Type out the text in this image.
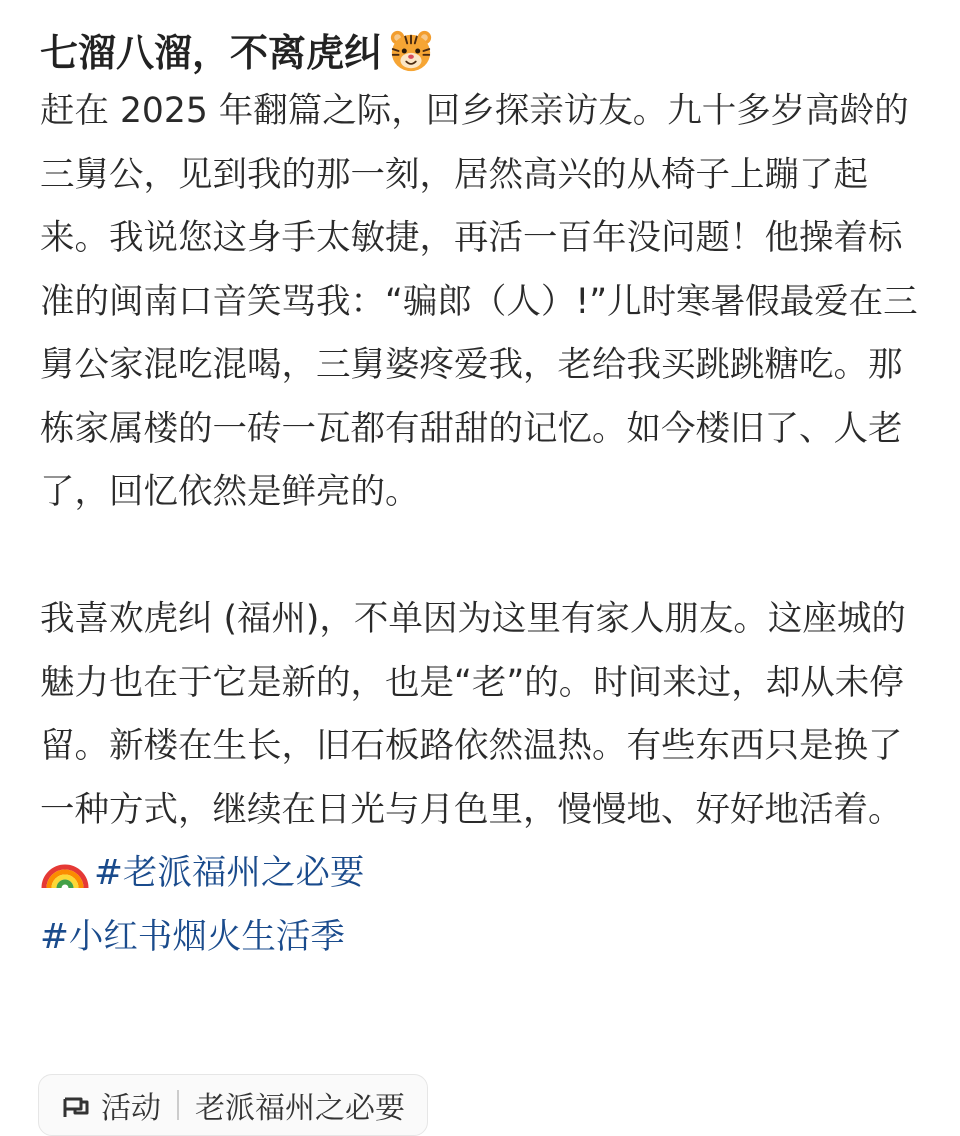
七溜八溜，不离虎纠

赶在 2025 年翻篇之际，回乡探亲访友。九十多岁高龄的三舅公，见到我的那一刻，居然高兴的从椅子上蹦了起来。我说您这身手太敏捷，再活一百年没问题！他操着标准的闽南口音笑骂我：“骗郎（人）!”儿时寒暑假最爱在三舅公家混吃混喝，三舅婆疼爱我，老给我买跳跳糖吃。那栋家属楼的一砖一瓦都有甜甜的记忆。如今楼旧了、人老了，回忆依然是鲜亮的。

我喜欢虎纠 (福州)，不单因为这里有家人朋友。这座城的魅力也在于它是新的，也是“老”的。时间来过，却从未停留。新楼在生长，旧石板路依然温热。有些东西只是换了一种方式，继续在日光与月色里，慢慢地、好好地活着。 #老派福州之必要
#小红书烟火生活季

活动 老派福州之必要
